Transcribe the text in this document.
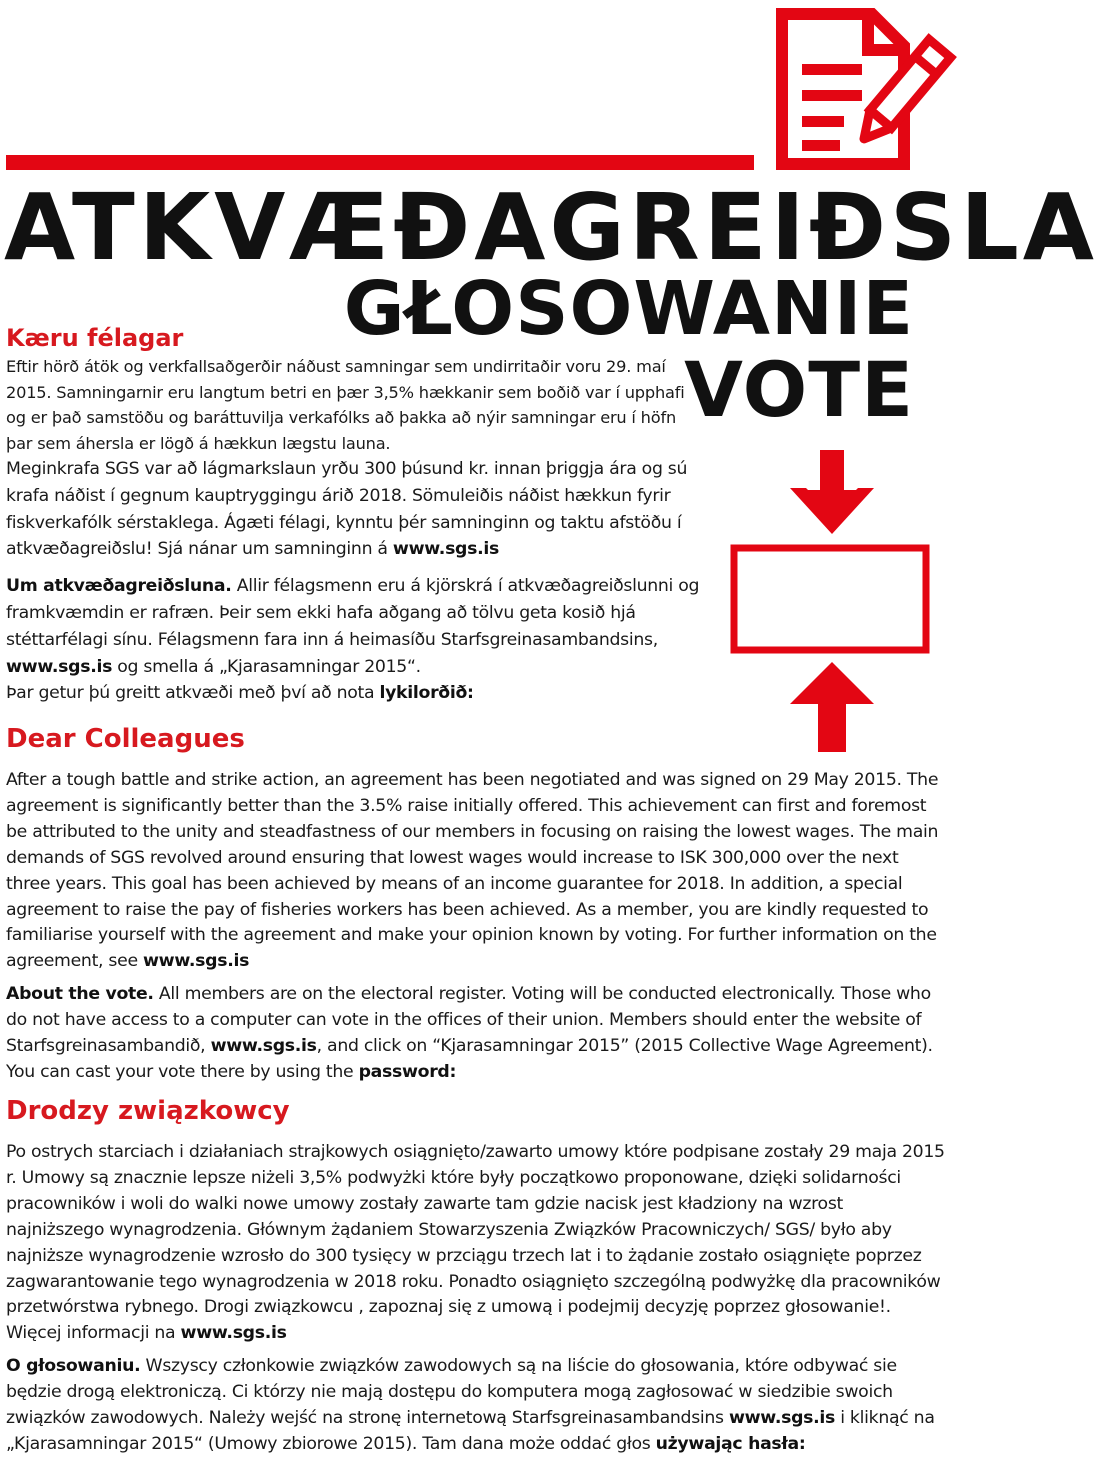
ATKVÆÐAGREIÐSLA
GŁOSOWANIE
VOTE
Kæru félagar

Eftir hörð átök og verkfallsaðgerðir náðust samningar sem undirritaðir voru 29. maí 2015. Samningarnir eru langtum betri en þær 3,5% hækkanir sem boðið var í upphafi og er það samstöðu og baráttuvilja verkafólks að þakka að nýir samningar eru í höfn þar sem áhersla er lögð á hækkun lægstu launa.

Meginkrafa SGS var að lágmarkslaun yrðu 300 þúsund kr. innan þriggja ára og sú krafa náðist í gegnum kauptryggingu árið 2018. Sömuleiðis náðist hækkun fyrir fiskverkafólk sérstaklega. Ágæti félagi, kynntu þér samninginn og taktu afstöðu í atkvæðagreiðslu! Sjá nánar um samninginn á www.sgs.is

Um atkvæðagreiðsluna. Allir félagsmenn eru á kjörskrá í atkvæðagreiðslunni og framkvæmdin er rafræn. Þeir sem ekki hafa aðgang að tölvu geta kosið hjá stéttarfélagi sínu. Félagsmenn fara inn á heimasíðu Starfsgreinasambandsins, www.sgs.is og smella á „Kjarasamningar 2015“.
Þar getur þú greitt atkvæði með því að nota lykilorðið:

Dear Colleagues

After a tough battle and strike action, an agreement has been negotiated and was signed on 29 May 2015. The agreement is significantly better than the 3.5% raise initially offered. This achievement can first and foremost be attributed to the unity and steadfastness of our members in focusing on raising the lowest wages. The main demands of SGS revolved around ensuring that lowest wages would increase to ISK 300,000 over the next three years. This goal has been achieved by means of an income guarantee for 2018. In addition, a special agreement to raise the pay of fisheries workers has been achieved. As a member, you are kindly requested to familiarise yourself with the agreement and make your opinion known by voting. For further information on the agreement, see www.sgs.is

About the vote. All members are on the electoral register. Voting will be conducted electronically. Those who do not have access to a computer can vote in the offices of their union. Members should enter the website of Starfsgreinasambandið, www.sgs.is, and click on “Kjarasamningar 2015” (2015 Collective Wage Agreement). You can cast your vote there by using the password:

Drodzy związkowcy

Po ostrych starciach i działaniach strajkowych osiągnięto/zawarto umowy które podpisane zostały 29 maja 2015 r. Umowy są znacznie lepsze niżeli 3,5% podwyżki które były początkowo proponowane, dzięki solidarności pracowników i woli do walki nowe umowy zostały zawarte tam gdzie nacisk jest kładziony na wzrost najniższego wynagrodzenia. Głównym żądaniem Stowarzyszenia Związków Pracowniczych/ SGS/ było aby najniższe wynagrodzenie wzrosło do 300 tysięcy w przciągu trzech lat i to żądanie zostało osiągnięte poprzez zagwarantowanie tego wynagrodzenia w 2018 roku. Ponadto osiągnięto szczególną podwyżkę dla pracowników przetwórstwa rybnego. Drogi związkowcu , zapoznaj się z umową i podejmij decyzję poprzez głosowanie!. Więcej informacji na www.sgs.is

O głosowaniu. Wszyscy członkowie związków zawodowych są na liście do głosowania, które odbywać sie będzie drogą elektroniczą. Ci którzy nie mają dostępu do komputera mogą zagłosować w siedzibie swoich związków zawodowych. Należy wejść na stronę internetową Starfsgreinasambandsins www.sgs.is i kliknąć na „Kjarasamningar 2015“ (Umowy zbiorowe 2015). Tam dana może oddać głos używając hasła:
